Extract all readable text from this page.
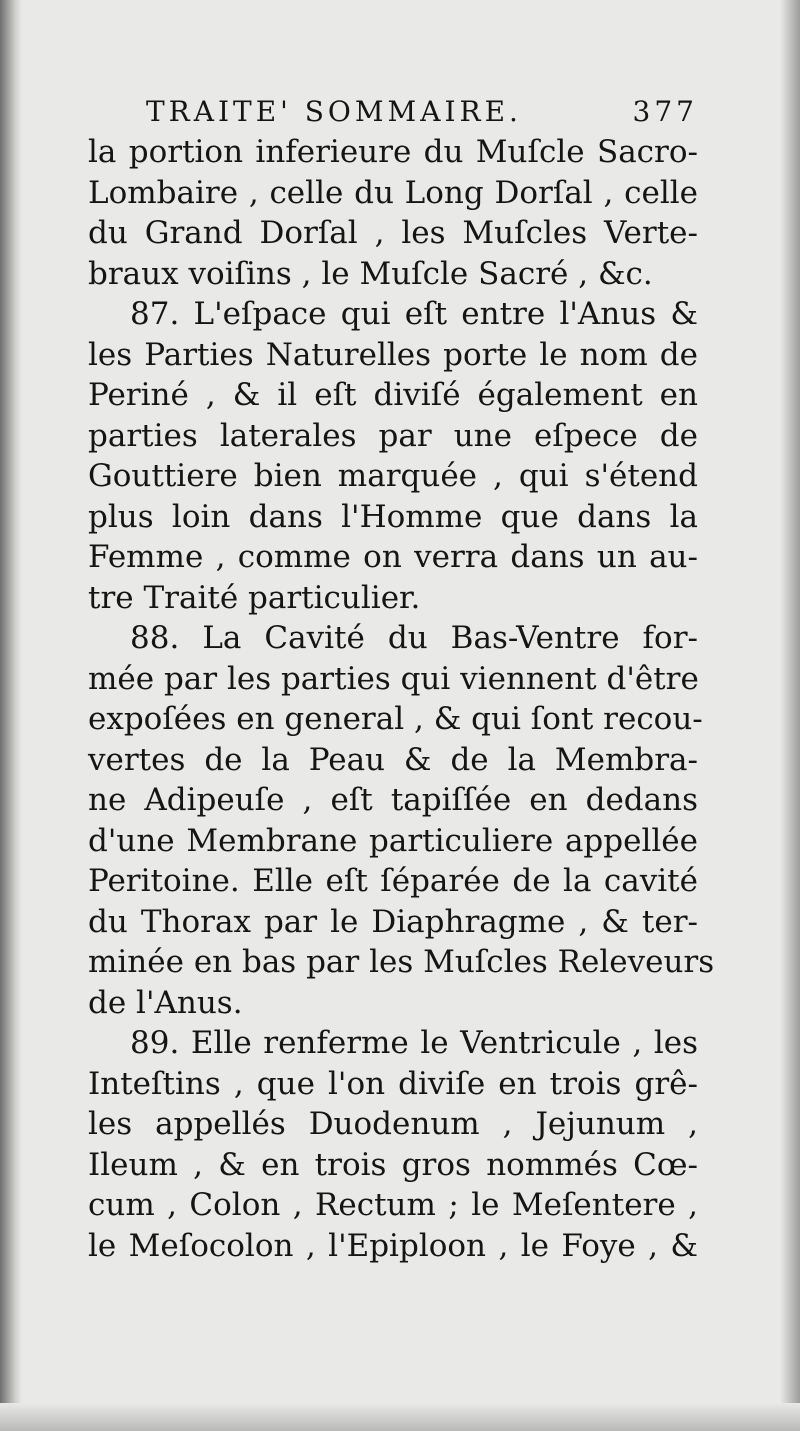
TRAITE' SOMMAIRE.	377
la portion inferieure du Muſcle Sacro-
Lombaire , celle du Long Dorſal , celle
du Grand Dorſal , les Muſcles Verte-
braux voiſins , le Muſcle Sacré , &c.
87. L'eſpace qui eſt entre l'Anus &
les Parties Naturelles porte le nom de
Periné , & il eſt diviſé également en
parties laterales par une eſpece de
Gouttiere bien marquée , qui s'étend
plus loin dans l'Homme que dans la
Femme , comme on verra dans un au-
tre Traité particulier.
88. La Cavité du Bas-Ventre for-
mée par les parties qui viennent d'être
expoſées en general , & qui ſont recou-
vertes de la Peau & de la Membra-
ne Adipeuſe , eſt tapiſſée en dedans
d'une Membrane particuliere appellée
Peritoine. Elle eſt ſéparée de la cavité
du Thorax par le Diaphragme , & ter-
minée en bas par les Muſcles Releveurs
de l'Anus.
89. Elle renferme le Ventricule , les
Inteſtins , que l'on diviſe en trois grê-
les appellés Duodenum , Jejunum ,
Ileum , & en trois gros nommés Cœ-
cum , Colon , Rectum ; le Meſentere ,
le Meſocolon , l'Epiploon , le Foye , &
